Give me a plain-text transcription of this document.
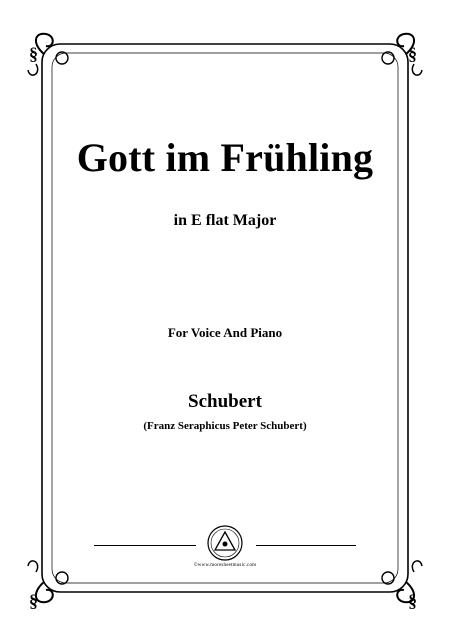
§	§
§	§
Gott im Frühling
in E flat Major
For Voice And Piano
Schubert
(Franz Seraphicus Peter Schubert)
©www.moresheetmusic.com
